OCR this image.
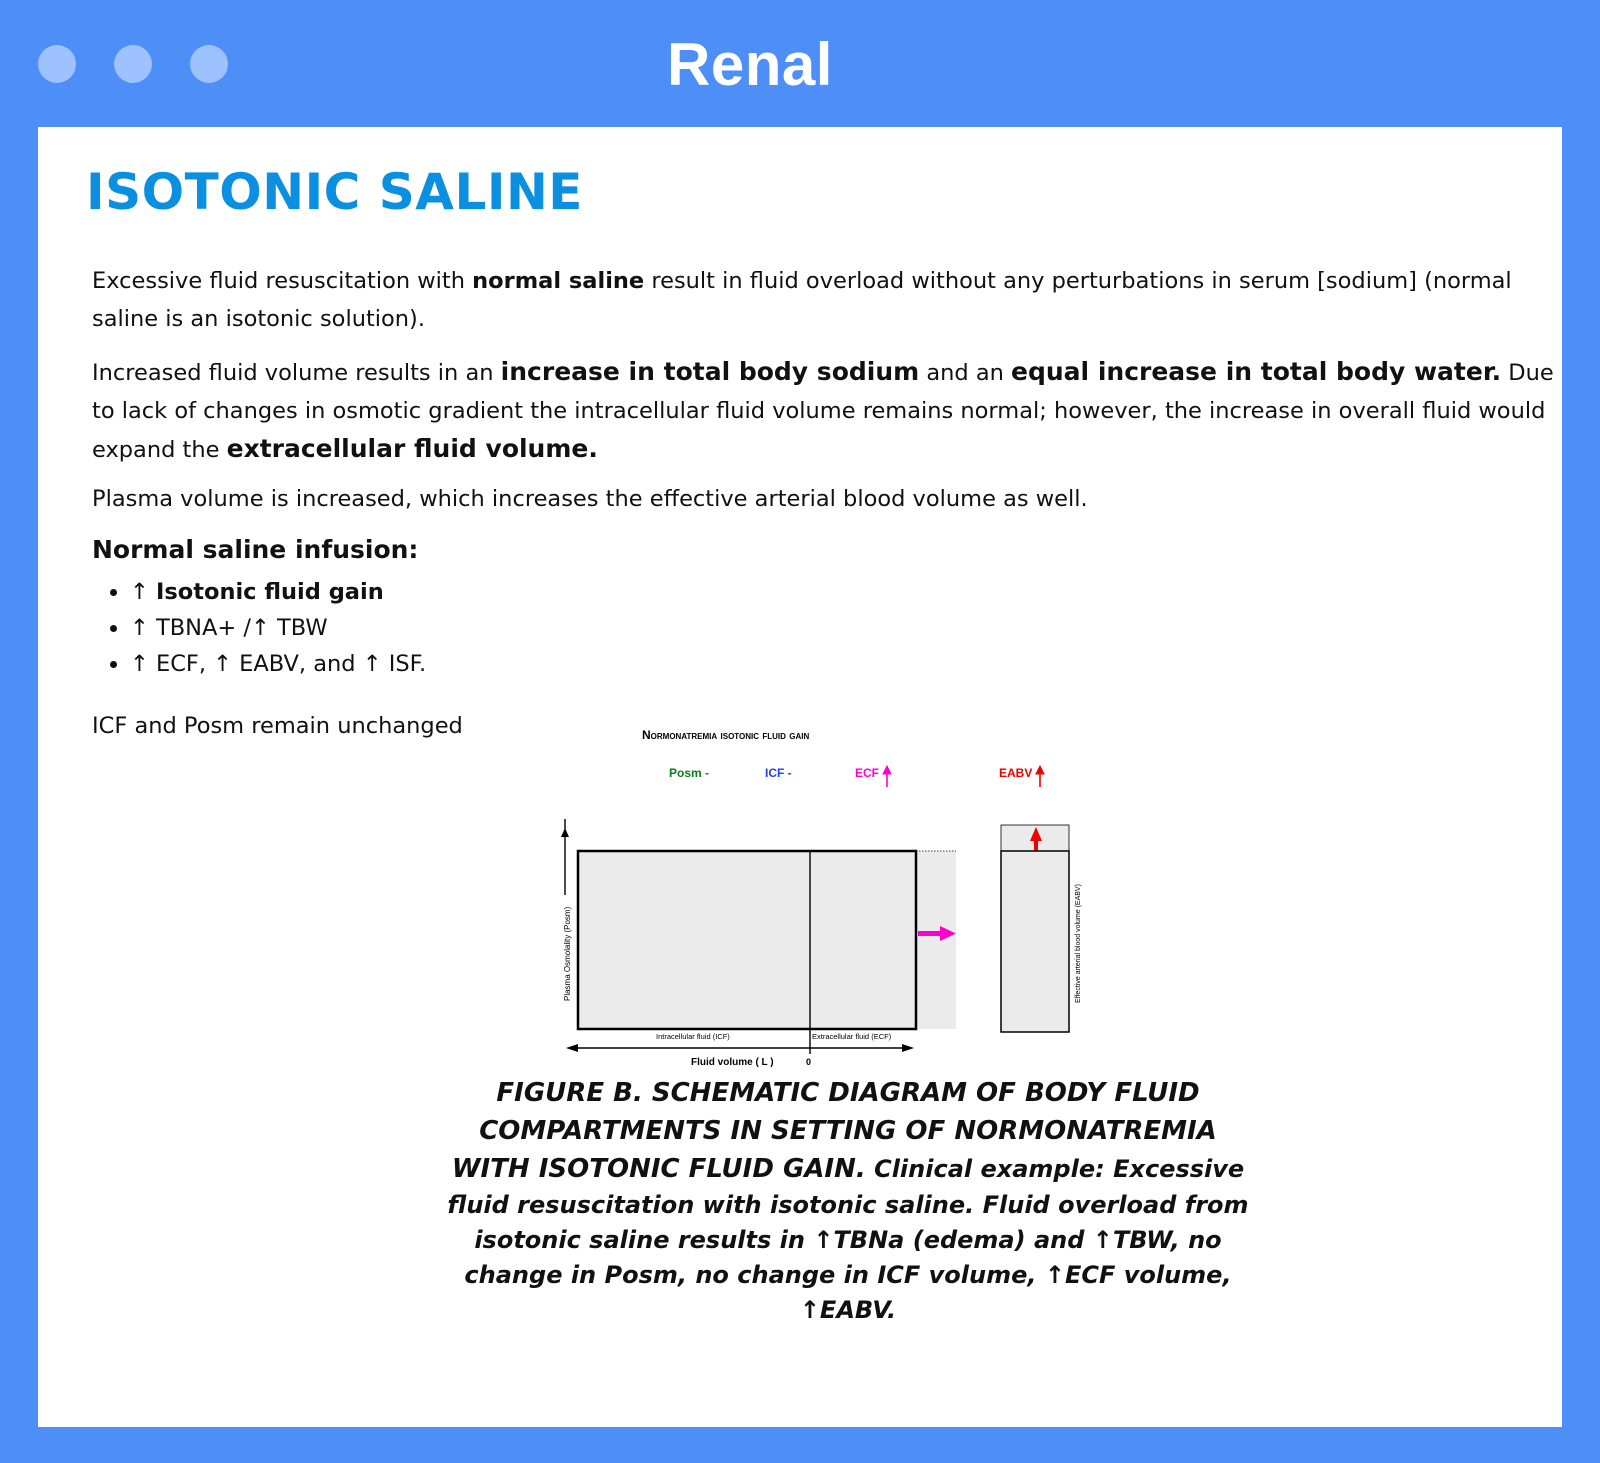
Renal
ISOTONIC SALINE

Excessive fluid resuscitation with normal saline result in fluid overload without any perturbations in serum [sodium] (normal saline is an isotonic solution).

Increased fluid volume results in an increase in total body sodium and an equal increase in total body water. Due to lack of changes in osmotic gradient the intracellular fluid volume remains normal; however, the increase in overall fluid would expand the extracellular fluid volume.

Plasma volume is increased, which increases the effective arterial blood volume as well.

Normal saline infusion:
• ↑ Isotonic fluid gain
• ↑ TBNA+ /↑ TBW
• ↑ ECF, ↑ EABV, and ↑ ISF.

ICF and Posm remain unchanged	Normonatremia isotonic fluid gain
Posm -	ICF -	ECF	EABV
Plasma Osmolality (Posm)	Effective arterial blood volume (EABV)
Intracellular fluid (ICF)	Extracellular fluid (ECF)
Fluid volume ( L )	0

FIGURE B. SCHEMATIC DIAGRAM OF BODY FLUID COMPARTMENTS IN SETTING OF NORMONATREMIA WITH ISOTONIC FLUID GAIN. Clinical example: Excessive fluid resuscitation with isotonic saline. Fluid overload from isotonic saline results in ↑TBNa (edema) and ↑TBW, no change in Posm, no change in ICF volume, ↑ECF volume, ↑EABV.
